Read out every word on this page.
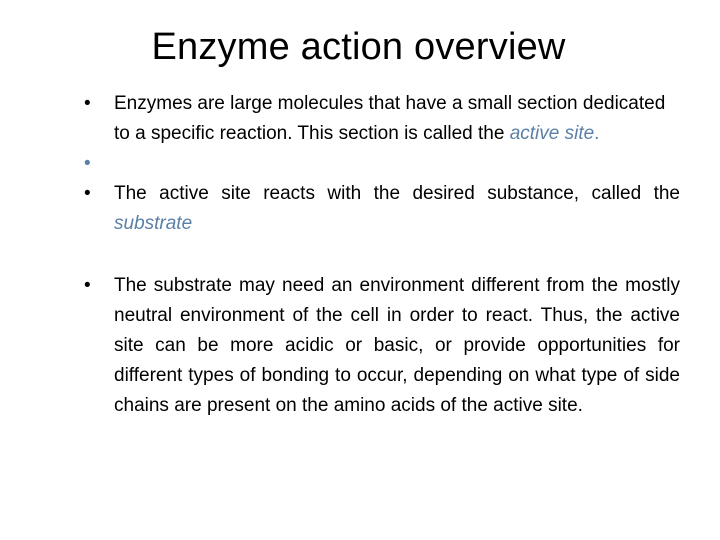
Enzyme action overview
•	Enzymes are large molecules that have a small section dedicated to a specific reaction. This section is called the active site.
•
•	The active site reacts with the desired substance, called the substrate
•	The substrate may need an environment different from the mostly neutral environment of the cell in order to react. Thus, the active site can be more acidic or basic, or provide opportunities for different types of bonding to occur, depending on what type of side chains are present on the amino acids of the active site.
